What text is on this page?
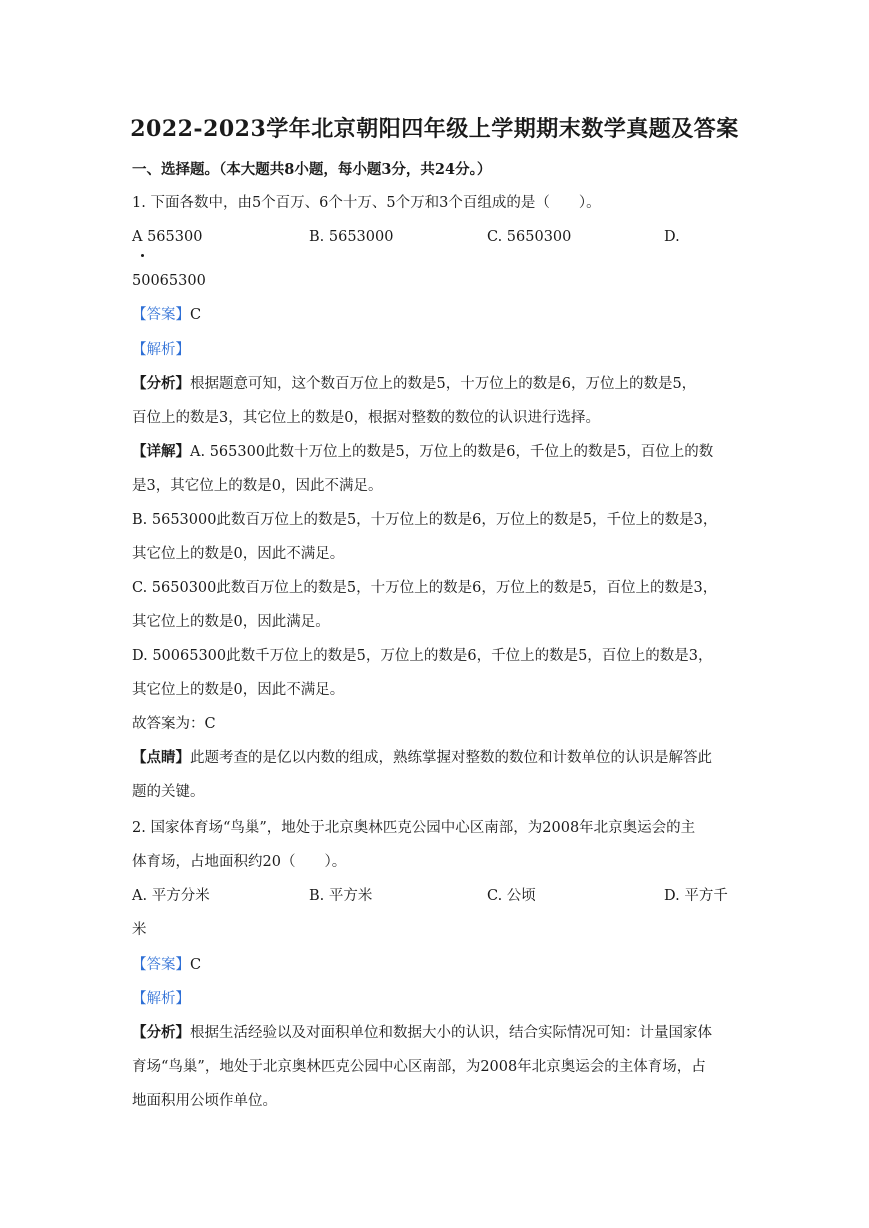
2022-2023学年北京朝阳四年级上学期期末数学真题及答案
一、选择题。（本大题共8小题，每小题3分，共24分。）
1. 下面各数中，由5个百万、6个十万、5个万和3个百组成的是（　　）。
A 565300	B. 5653000	C. 5650300	D.
50065300
【答案】C
【解析】
【分析】根据题意可知，这个数百万位上的数是5，十万位上的数是6，万位上的数是5，
百位上的数是3，其它位上的数是0，根据对整数的数位的认识进行选择。
【详解】A. 565300此数十万位上的数是5，万位上的数是6，千位上的数是5，百位上的数
是3，其它位上的数是0，因此不满足。
B. 5653000此数百万位上的数是5，十万位上的数是6，万位上的数是5，千位上的数是3，
其它位上的数是0，因此不满足。
C. 5650300此数百万位上的数是5，十万位上的数是6，万位上的数是5，百位上的数是3，
其它位上的数是0，因此满足。
D. 50065300此数千万位上的数是5，万位上的数是6，千位上的数是5，百位上的数是3，
其它位上的数是0，因此不满足。
故答案为：C
【点睛】此题考查的是亿以内数的组成，熟练掌握对整数的数位和计数单位的认识是解答此
题的关键。
2. 国家体育场“鸟巢”，地处于北京奥林匹克公园中心区南部，为2008年北京奥运会的主
体育场，占地面积约20（　　）。
A. 平方分米	B. 平方米	C. 公顷	D. 平方千
米
【答案】C
【解析】
【分析】根据生活经验以及对面积单位和数据大小的认识，结合实际情况可知：计量国家体
育场“鸟巢”，地处于北京奥林匹克公园中心区南部，为2008年北京奥运会的主体育场，占
地面积用公顷作单位。
